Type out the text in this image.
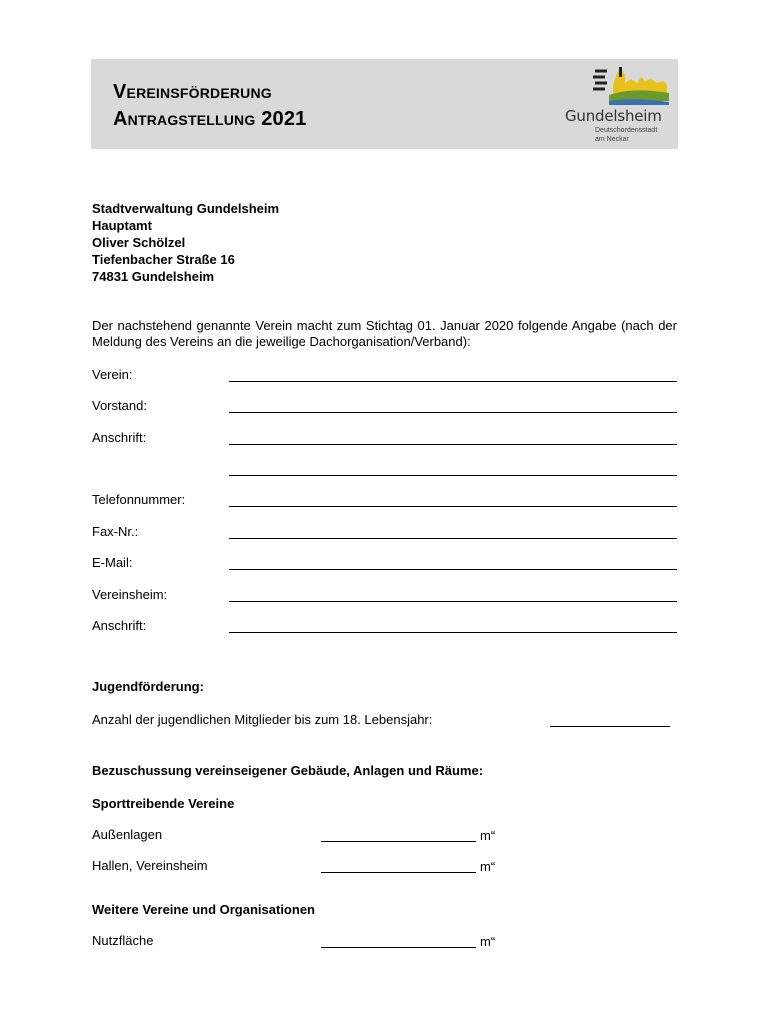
Vereinsförderung
Antragstellung 2021	Gundelsheim
Deutschordensstadt
am Neckar
Stadtverwaltung Gundelsheim
Hauptamt
Oliver Schölzel
Tiefenbacher Straße 16
74831 Gundelsheim
Der nachstehend genannte Verein macht zum Stichtag 01. Januar 2020 folgende Angabe (nach der Meldung des Vereins an die jeweilige Dachorganisation/Verband):
Verein:
Vorstand:
Anschrift:
Telefonnummer:
Fax-Nr.:
E-Mail:
Vereinsheim:
Anschrift:
Jugendförderung:
Anzahl der jugendlichen Mitglieder bis zum 18. Lebensjahr:
Bezuschussung vereinseigener Gebäude, Anlagen und Räume:
Sporttreibende Vereine
Außenlagen	m“
Hallen, Vereinsheim	m“
Weitere Vereine und Organisationen
Nutzfläche	m“
